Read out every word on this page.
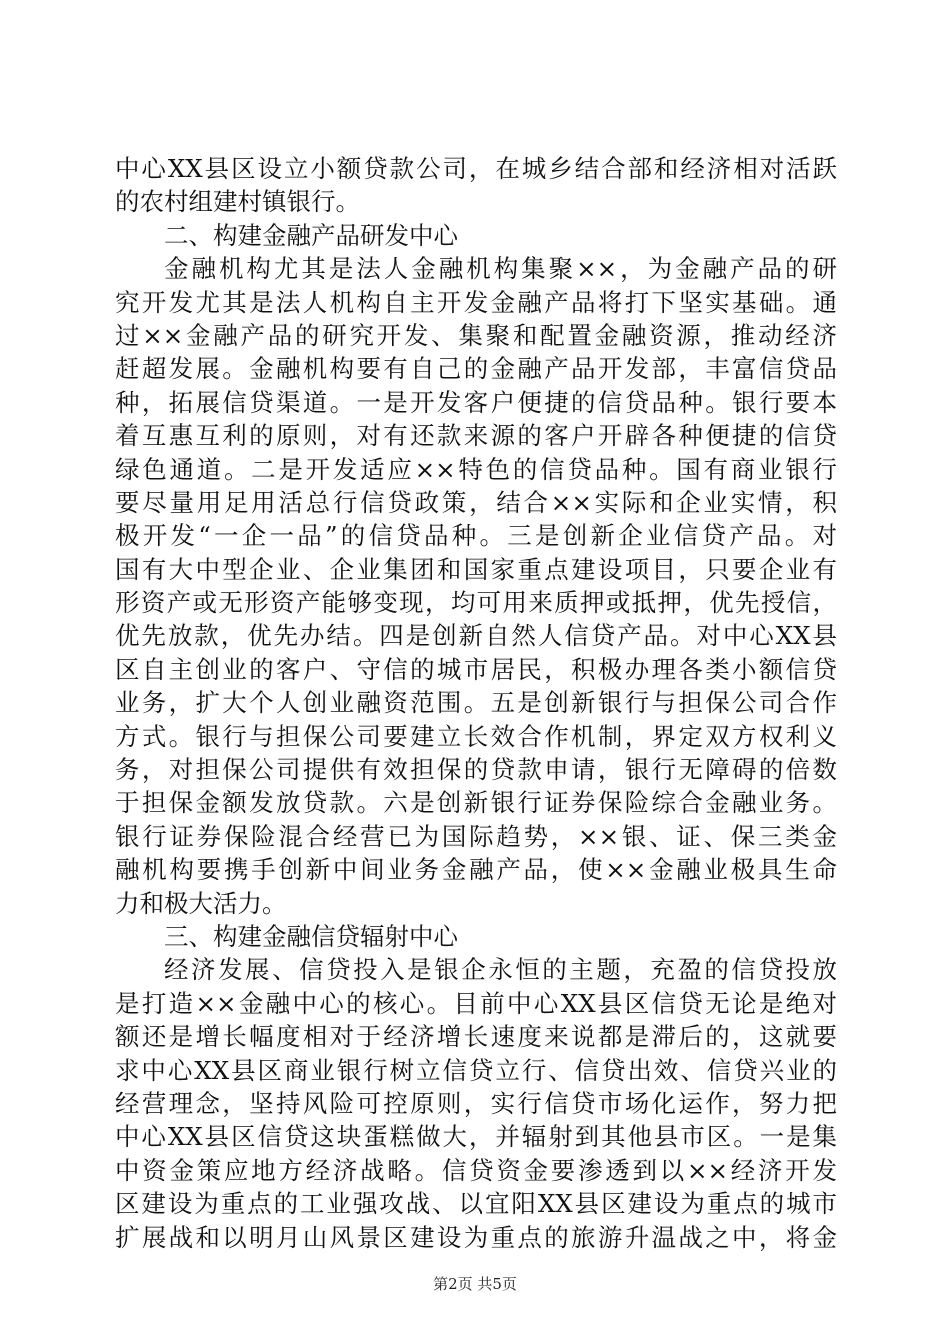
中心XX县区设立小额贷款公司，在城乡结合部和经济相对活跃
的农村组建村镇银行。
二、构建金融产品研发中心
金融机构尤其是法人金融机构集聚××，为金融产品的研
究开发尤其是法人机构自主开发金融产品将打下坚实基础。通
过××金融产品的研究开发、集聚和配置金融资源，推动经济
赶超发展。金融机构要有自己的金融产品开发部，丰富信贷品
种，拓展信贷渠道。一是开发客户便捷的信贷品种。银行要本
着互惠互利的原则，对有还款来源的客户开辟各种便捷的信贷
绿色通道。二是开发适应××特色的信贷品种。国有商业银行
要尽量用足用活总行信贷政策，结合××实际和企业实情，积
极开发“一企一品”的信贷品种。三是创新企业信贷产品。对
国有大中型企业、企业集团和国家重点建设项目，只要企业有
形资产或无形资产能够变现，均可用来质押或抵押，优先授信，
优先放款，优先办结。四是创新自然人信贷产品。对中心XX县
区自主创业的客户、守信的城市居民，积极办理各类小额信贷
业务，扩大个人创业融资范围。五是创新银行与担保公司合作
方式。银行与担保公司要建立长效合作机制，界定双方权利义
务，对担保公司提供有效担保的贷款申请，银行无障碍的倍数
于担保金额发放贷款。六是创新银行证券保险综合金融业务。
银行证券保险混合经营已为国际趋势，××银、证、保三类金
融机构要携手创新中间业务金融产品，使××金融业极具生命
力和极大活力。
三、构建金融信贷辐射中心
经济发展、信贷投入是银企永恒的主题，充盈的信贷投放
是打造××金融中心的核心。目前中心XX县区信贷无论是绝对
额还是增长幅度相对于经济增长速度来说都是滞后的，这就要
求中心XX县区商业银行树立信贷立行、信贷出效、信贷兴业的
经营理念，坚持风险可控原则，实行信贷市场化运作，努力把
中心XX县区信贷这块蛋糕做大，并辐射到其他县市区。一是集
中资金策应地方经济战略。信贷资金要渗透到以××经济开发
区建设为重点的工业强攻战、以宜阳XX县区建设为重点的城市
扩展战和以明月山风景区建设为重点的旅游升温战之中，将金
第2页 共5页
